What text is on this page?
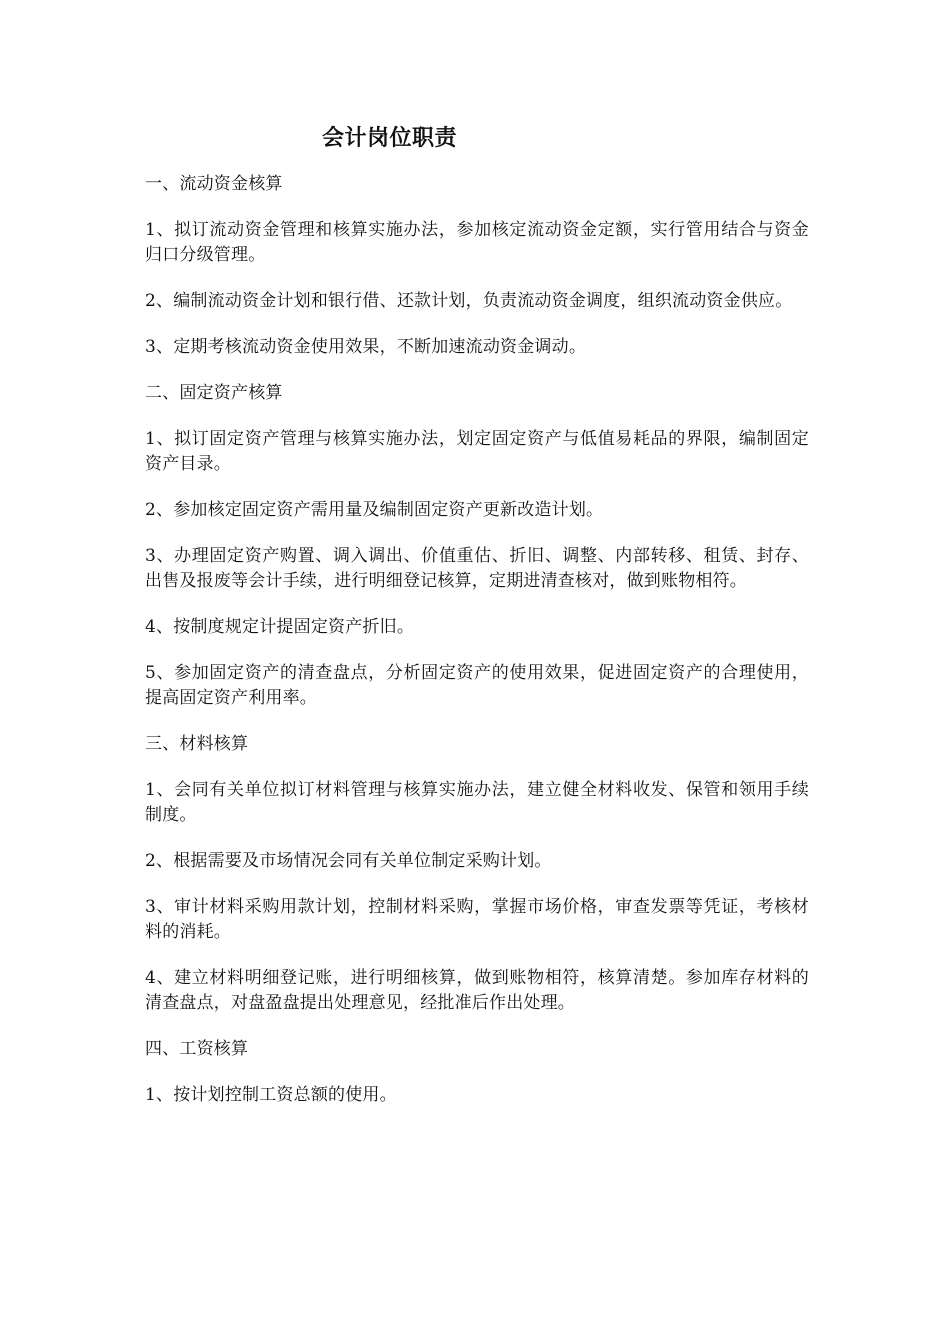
会计岗位职责

一、流动资金核算

1、拟订流动资金管理和核算实施办法，参加核定流动资金定额，实行管用结合与资金归口分级管理。

2、编制流动资金计划和银行借、还款计划，负责流动资金调度，组织流动资金供应。

3、定期考核流动资金使用效果，不断加速流动资金调动。

二、固定资产核算

1、拟订固定资产管理与核算实施办法，划定固定资产与低值易耗品的界限，编制固定资产目录。

2、参加核定固定资产需用量及编制固定资产更新改造计划。

3、办理固定资产购置、调入调出、价值重估、折旧、调整、内部转移、租赁、封存、出售及报废等会计手续，进行明细登记核算，定期进清查核对，做到账物相符。

4、按制度规定计提固定资产折旧。

5、参加固定资产的清查盘点，分析固定资产的使用效果，促进固定资产的合理使用，提高固定资产利用率。

三、材料核算

1、会同有关单位拟订材料管理与核算实施办法，建立健全材料收发、保管和领用手续制度。

2、根据需要及市场情况会同有关单位制定采购计划。

3、审计材料采购用款计划，控制材料采购，掌握市场价格，审查发票等凭证，考核材料的消耗。

4、建立材料明细登记账，进行明细核算，做到账物相符，核算清楚。参加库存材料的清查盘点，对盘盈盘提出处理意见，经批准后作出处理。

四、工资核算

1、按计划控制工资总额的使用。
